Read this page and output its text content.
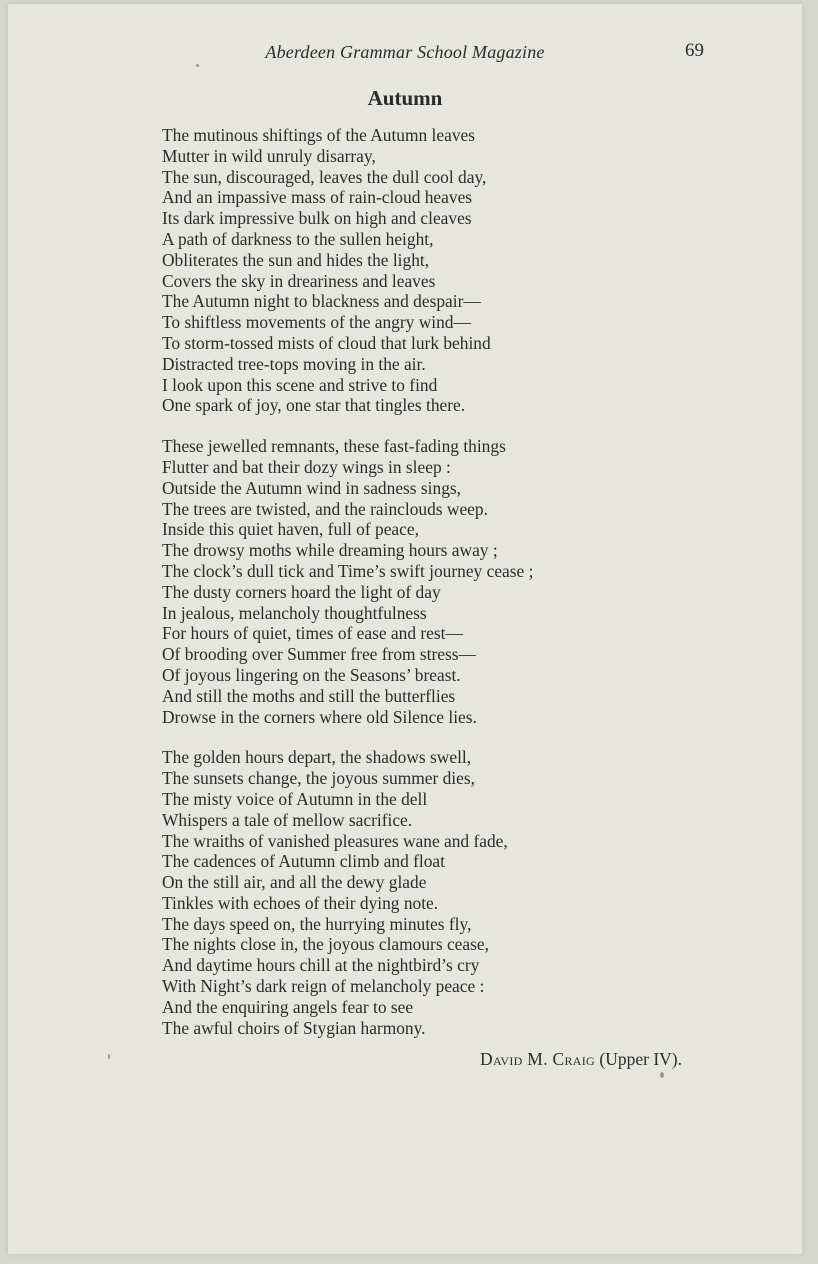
Aberdeen Grammar School Magazine	69
Autumn
The mutinous shiftings of the Autumn leaves
Mutter in wild unruly disarray,
The sun, discouraged, leaves the dull cool day,
And an impassive mass of rain-cloud heaves
Its dark impressive bulk on high and cleaves
A path of darkness to the sullen height,
Obliterates the sun and hides the light,
Covers the sky in dreariness and leaves
The Autumn night to blackness and despair—
To shiftless movements of the angry wind—
To storm-tossed mists of cloud that lurk behind
Distracted tree-tops moving in the air.
I look upon this scene and strive to find
One spark of joy, one star that tingles there.
These jewelled remnants, these fast-fading things
Flutter and bat their dozy wings in sleep :
Outside the Autumn wind in sadness sings,
The trees are twisted, and the rainclouds weep.
Inside this quiet haven, full of peace,
The drowsy moths while dreaming hours away ;
The clock’s dull tick and Time’s swift journey cease ;
The dusty corners hoard the light of day
In jealous, melancholy thoughtfulness
For hours of quiet, times of ease and rest—
Of brooding over Summer free from stress—
Of joyous lingering on the Seasons’ breast.
And still the moths and still the butterflies
Drowse in the corners where old Silence lies.
The golden hours depart, the shadows swell,
The sunsets change, the joyous summer dies,
The misty voice of Autumn in the dell
Whispers a tale of mellow sacrifice.
The wraiths of vanished pleasures wane and fade,
The cadences of Autumn climb and float
On the still air, and all the dewy glade
Tinkles with echoes of their dying note.
The days speed on, the hurrying minutes fly,
The nights close in, the joyous clamours cease,
And daytime hours chill at the nightbird’s cry
With Night’s dark reign of melancholy peace :
And the enquiring angels fear to see
The awful choirs of Stygian harmony.
David M. Craig (Upper IV).
